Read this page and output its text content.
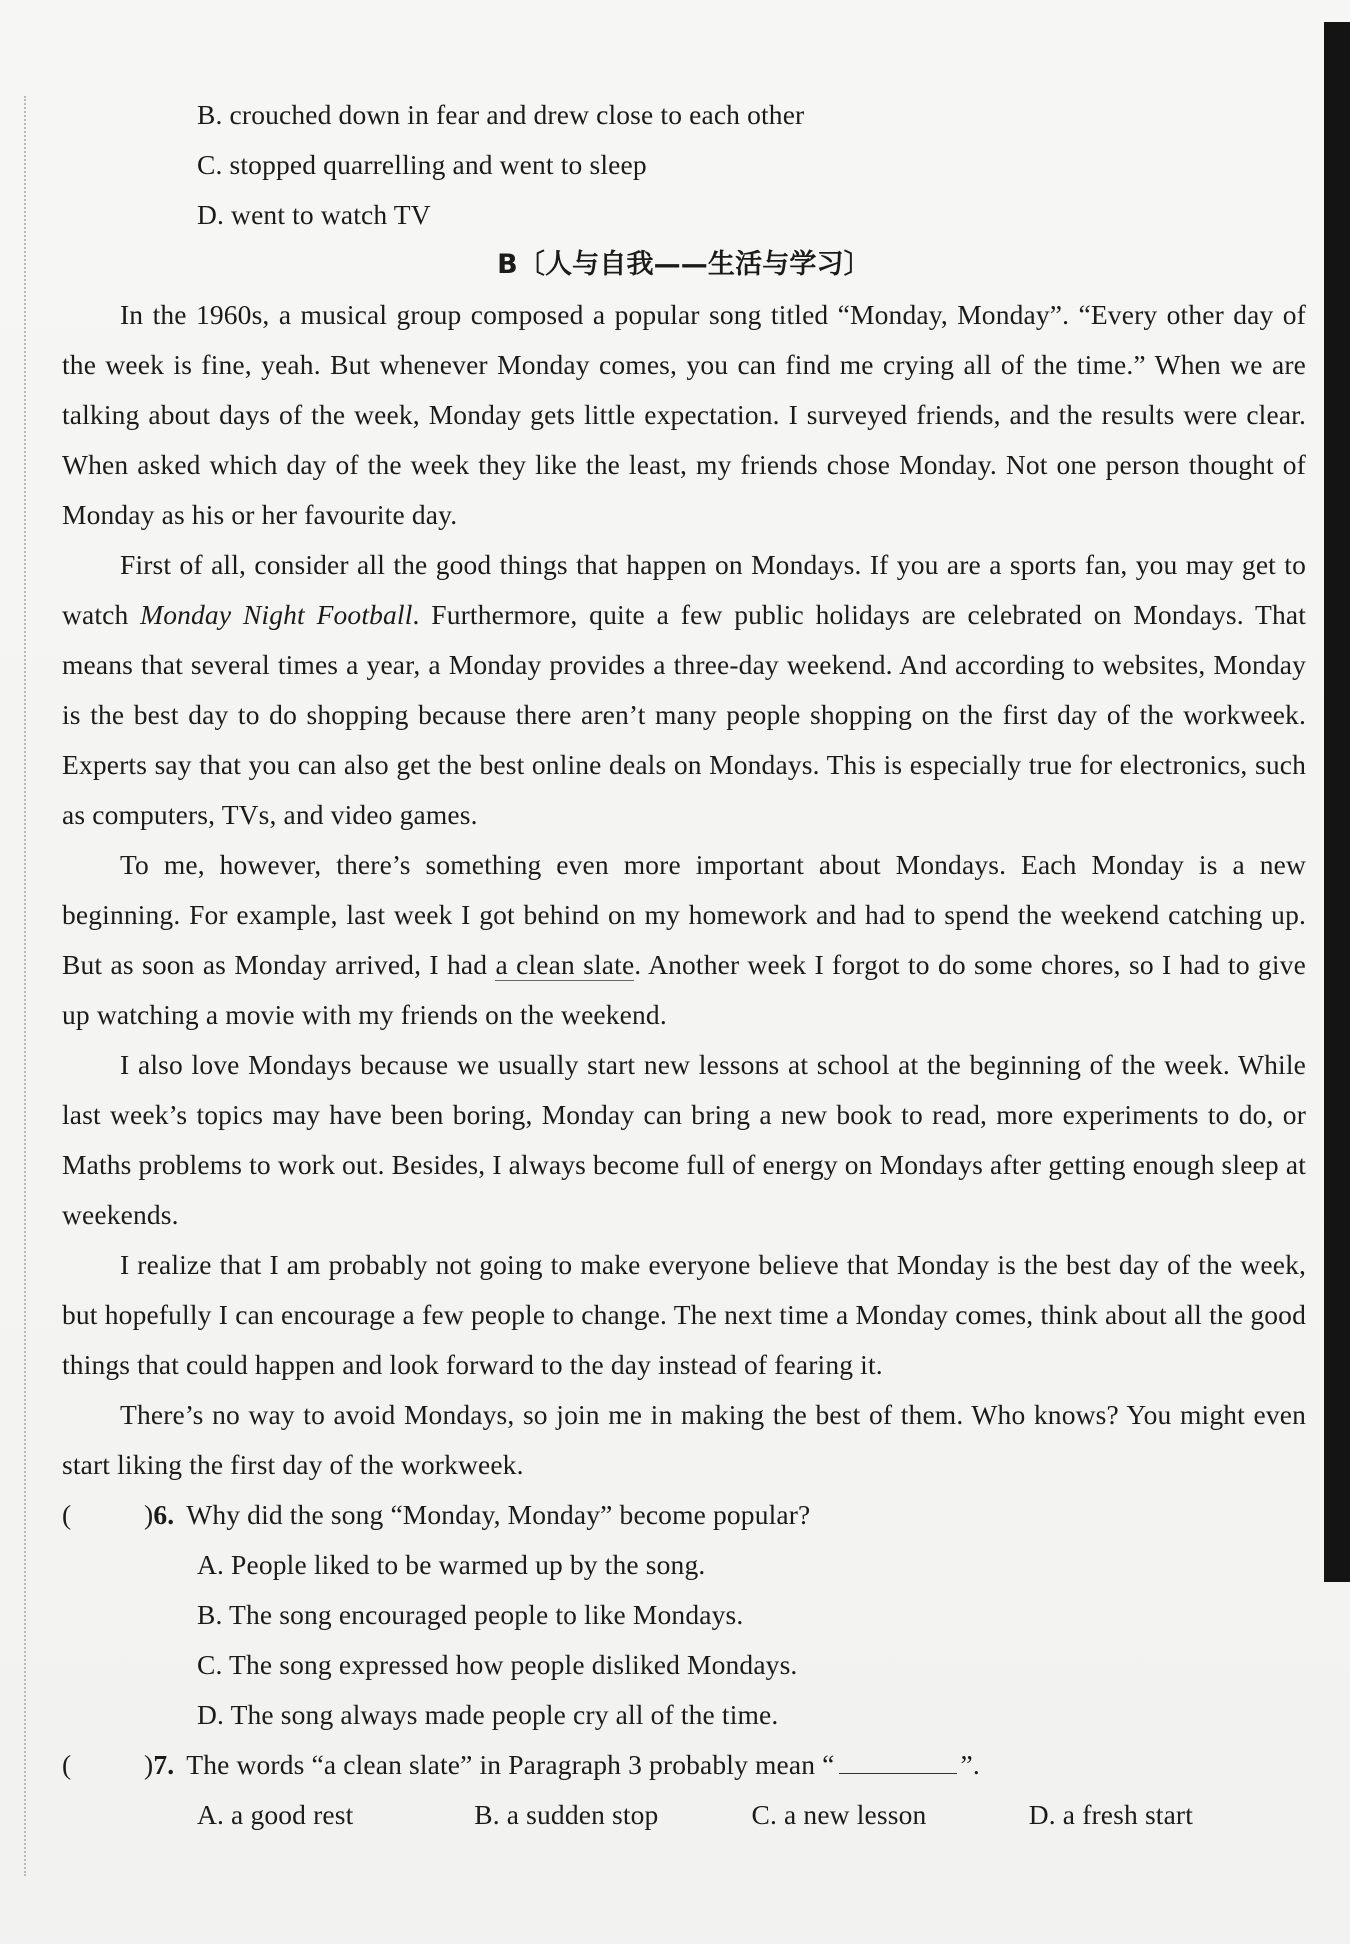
B. crouched down in fear and drew close to each other
C. stopped quarrelling and went to sleep
D. went to watch TV
B〔人与自我——生活与学习〕

In the 1960s, a musical group composed a popular song titled “Monday, Monday”. “Every other day of the week is fine, yeah. But whenever Monday comes, you can find me crying all of the time.” When we are talking about days of the week, Monday gets little expectation. I surveyed friends, and the results were clear. When asked which day of the week they like the least, my friends chose Monday. Not one person thought of Monday as his or her favourite day.

First of all, consider all the good things that happen on Mondays. If you are a sports fan, you may get to watch Monday Night Football. Furthermore, quite a few public holidays are celebrated on Mondays. That means that several times a year, a Monday provides a three-day weekend. And according to websites, Monday is the best day to do shopping because there aren’t many people shopping on the first day of the workweek. Experts say that you can also get the best online deals on Mondays. This is especially true for electronics, such as computers, TVs, and video games.

To me, however, there’s something even more important about Mondays. Each Monday is a new beginning. For example, last week I got behind on my homework and had to spend the weekend catching up. But as soon as Monday arrived, I had a clean slate. Another week I forgot to do some chores, so I had to give up watching a movie with my friends on the weekend.

I also love Mondays because we usually start new lessons at school at the beginning of the week. While last week’s topics may have been boring, Monday can bring a new book to read, more experiments to do, or Maths problems to work out. Besides, I always become full of energy on Mondays after getting enough sleep at weekends.

I realize that I am probably not going to make everyone believe that Monday is the best day of the week, but hopefully I can encourage a few people to change. The next time a Monday comes, think about all the good things that could happen and look forward to the day instead of fearing it.

There’s no way to avoid Mondays, so join me in making the best of them. Who knows? You might even start liking the first day of the workweek.

(	) 6. Why did the song “Monday, Monday” become popular?
A. People liked to be warmed up by the song.
B. The song encouraged people to like Mondays.
C. The song expressed how people disliked Mondays.
D. The song always made people cry all of the time.
(	) 7. The words “a clean slate” in Paragraph 3 probably mean “	”.
A. a good rest	B. a sudden stop	C. a new lesson	D. a fresh start
